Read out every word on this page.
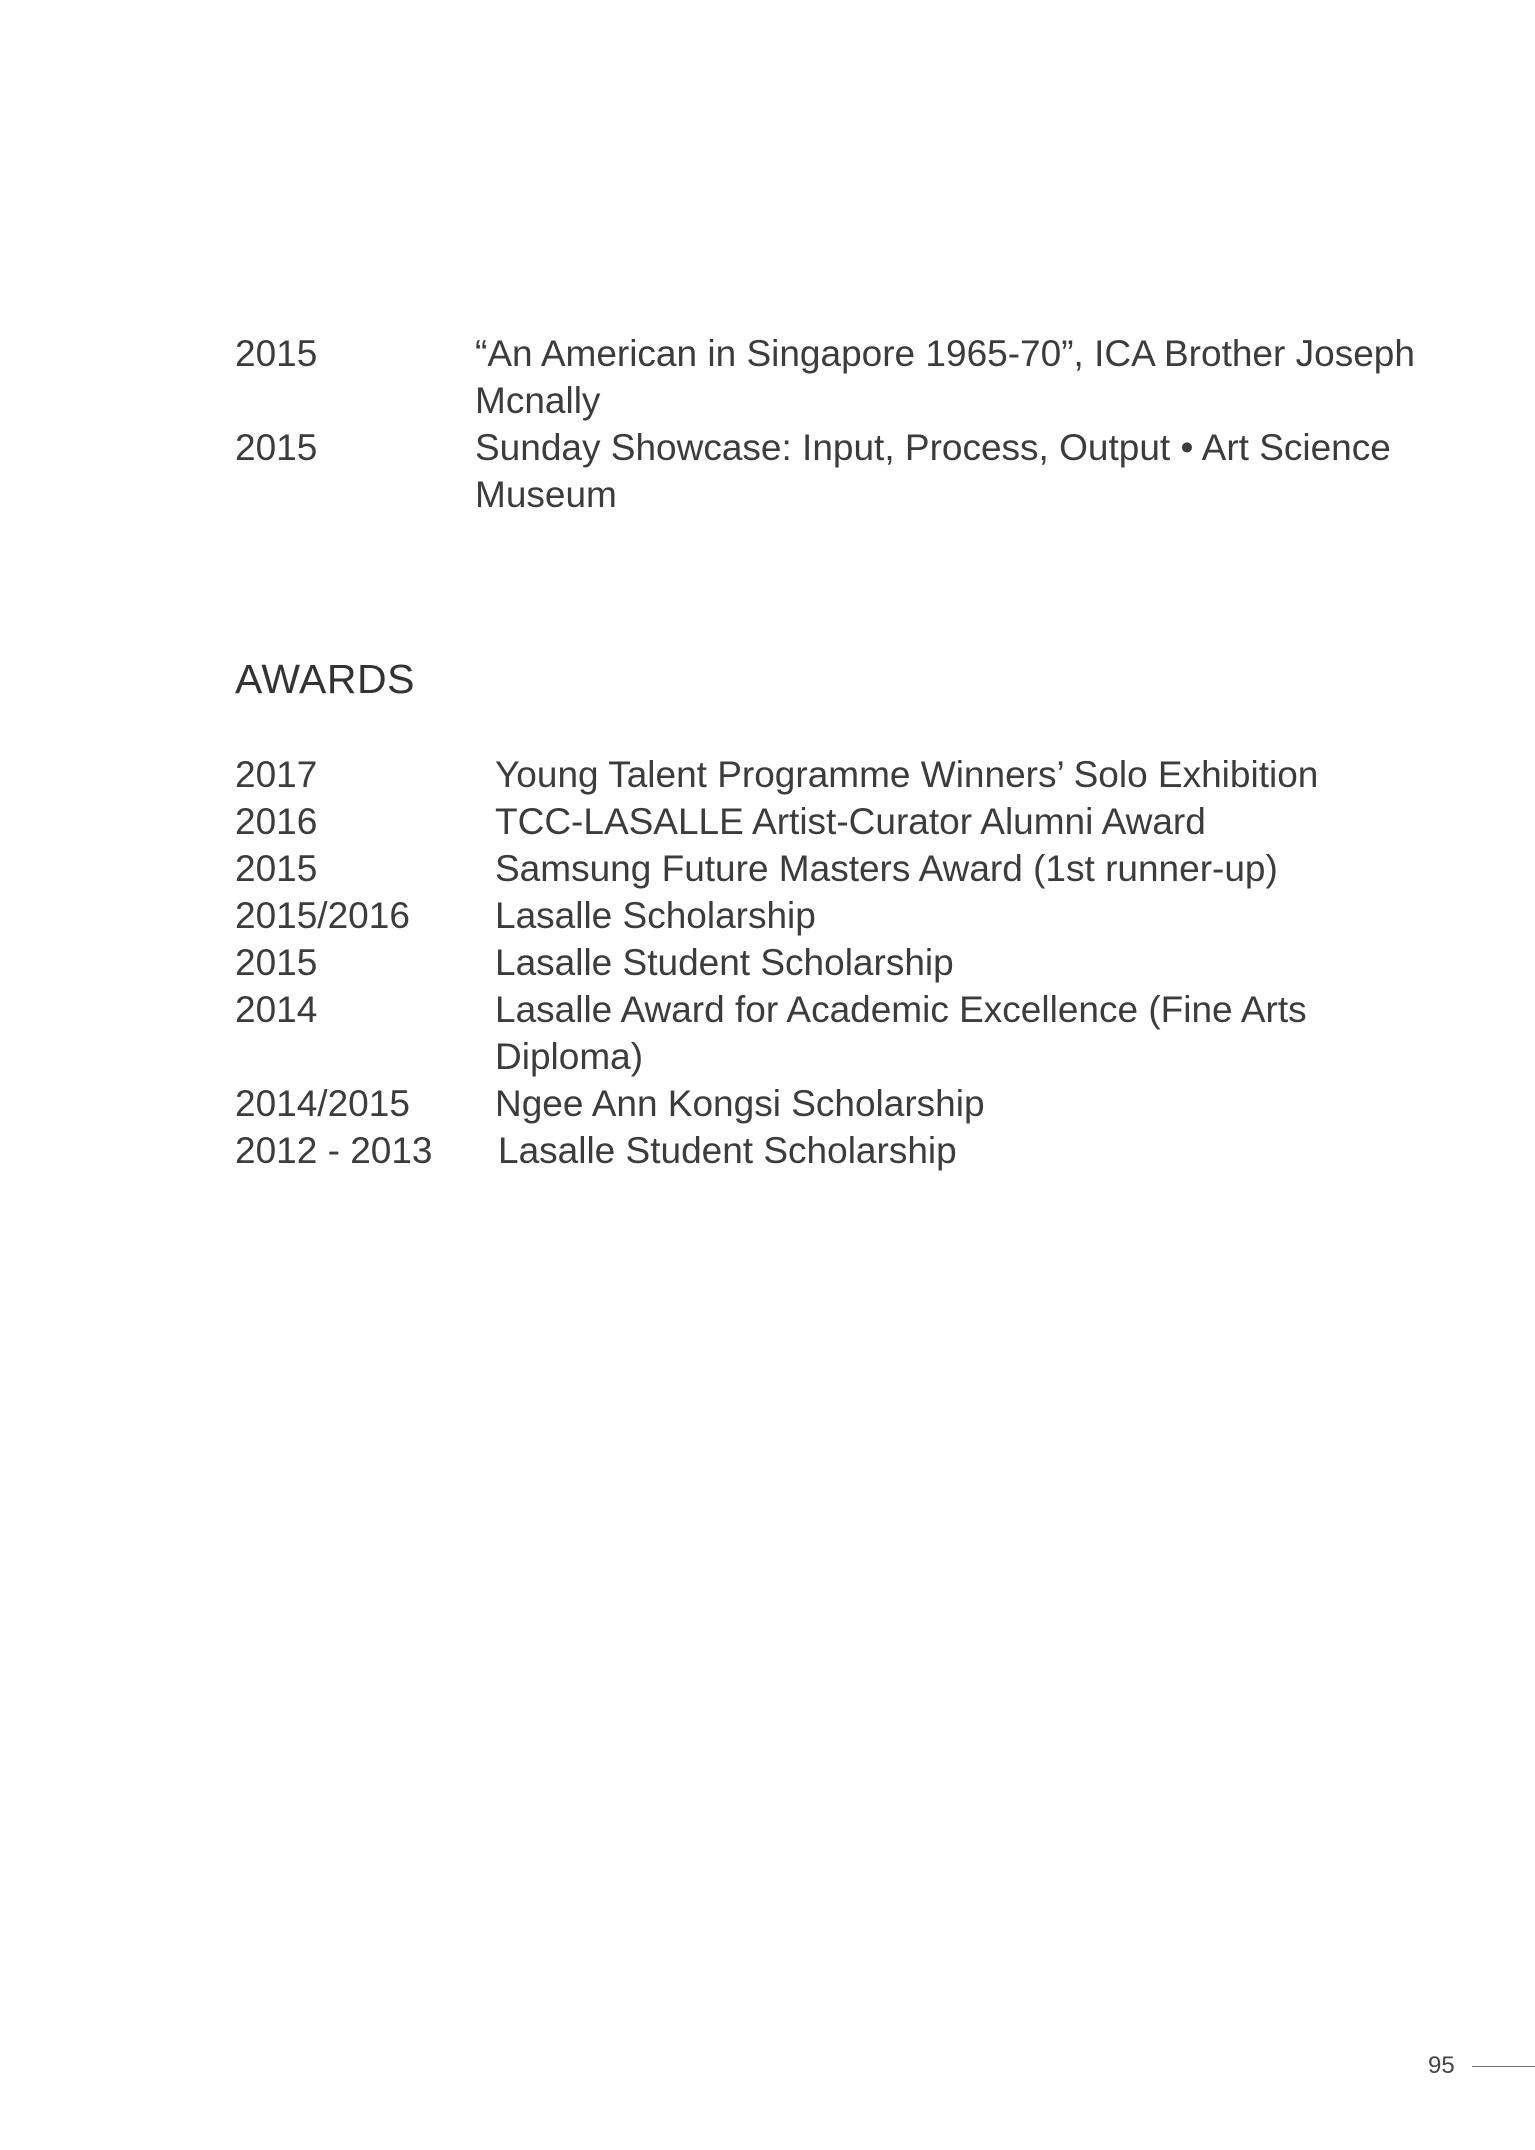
2015	“An American in Singapore 1965-70”, ICA Brother Joseph Mcnally
2015	Sunday Showcase: Input, Process, Output • Art Science Museum
AWARDS
2017	Young Talent Programme Winners’ Solo Exhibition
2016	TCC-LASALLE Artist-Curator Alumni Award
2015	Samsung Future Masters Award (1st runner-up)
2015/2016 Lasalle Scholarship
2015	Lasalle Student Scholarship
2014	Lasalle Award for Academic Excellence (Fine Arts Diploma)
2014/2015 Ngee Ann Kongsi Scholarship
2012 - 2013 Lasalle Student Scholarship
95
